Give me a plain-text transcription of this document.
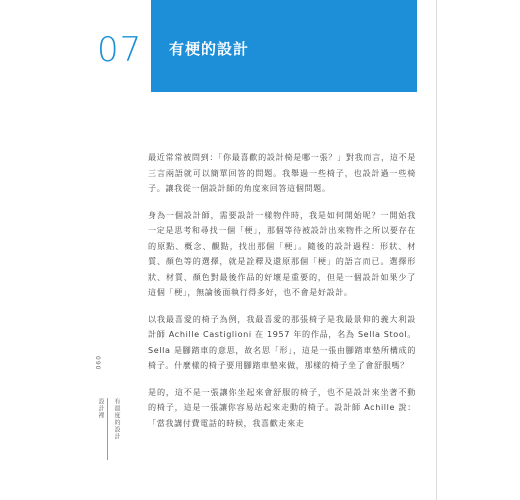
07 有梗的設計

最近常常被問到：「你最喜歡的設計椅是哪一張？」對我而言，這不是三言兩語就可以簡單回答的問題。我舉過一些椅子，也設計過一些椅子。讓我從一個設計師的角度來回答這個問題。

身為一個設計師，需要設計一樣物件時，我是如何開始呢？一開始我一定是思考和尋找一個「梗」，那個等待被設計出來物件之所以要存在的原點、概念、觀點，找出那個「梗」。隨後的設計過程：形狀、材質、顏色等的選擇，就是詮釋及還原那個「梗」的語言而已。選擇形狀、材質、顏色對最後作品的好壞是重要的，但是一個設計如果少了這個「梗」，無論後面執行得多好，也不會是好設計。

以我最喜愛的椅子為例，我最喜愛的那張椅子是我最景仰的義大利設計師 Achille Castiglioni 在 1957 年的作品，名為 Sella Stool。Sella 是腳踏車的意思，故名思「形」，這是一張由腳踏車墊所構成的椅子。什麼樣的椅子要用腳踏車墊來做，那樣的椅子坐了會舒服嗎？

是的，這不是一張讓你坐起來會舒服的椅子，也不是設計來坐著不動的椅子，這是一張讓你容易站起來走動的椅子。設計師 Achille 說：「當我講付費電話的時候，我喜歡走來走

090
設計裡 有溫度的設計
